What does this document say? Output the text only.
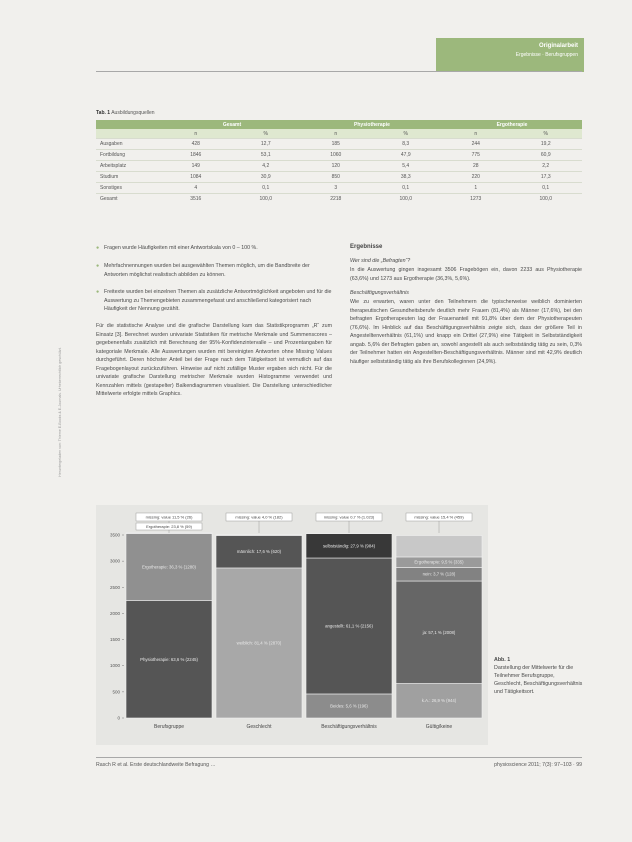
Originalarbeit
Ergebnisse · Berufsgruppen
Heruntergeladen von: Thieme E-Books & E-Journals. Urheberrechtlich geschützt.
Tab. 1 Ausbildungsquellen
	Gesamt		Physiotherapie		Ergotherapie	
	n	%	n	%	n	%
Ausgaben	428	12,7	185	8,3	244	19,2
Fortbildung	1846	53,1	1060	47,9	775	60,9
Arbeitsplatz	149	4,2	120	5,4	28	2,2
Studium	1084	30,9	850	38,3	220	17,3
Sonstiges	4	0,1	3	0,1	1	0,1
Gesamt	3516	100,0	2218	100,0	1273	100,0
● Fragen wurde Häufigkeiten mit einer Antwortskala von 0 – 100 %.
● Mehrfachnennungen wurden bei ausgewählten Themen möglich, um die Bandbreite der Antworten möglichst realistisch abbilden zu können.
● Freitexte wurden bei einzelnen Themen als zusätzliche Antwortmöglichkeit angeboten und für die Auswertung zu Themengebieten zusammengefasst und anschließend kategorisiert nach Häufigkeit der Nennung gezählt.
Für die statistische Analyse und die grafische Darstellung kam das Statistikprogramm „R“ zum Einsatz [3]. Berechnet wurden univariate Statistiken für metrische Merkmale und Summenscores – gegebenenfalls zusätzlich mit Berechnung der 95%-Konfidenzintervalle – und Prozentangaben für kategoriale Merkmale. Alle Auswertungen wurden mit bereinigten Antworten ohne Missing Values durchgeführt. Deren höchster Anteil bei der Frage nach dem Tätigkeitsort ist vermutlich auf das Fragebogenlayout zurückzuführen. Hinweise auf nicht zufällige Muster ergaben sich nicht. Für die univariate grafische Darstellung metrischer Merkmale wurden Histogramme verwendet und Kennzahlen mittels (gestapelter) Balkendiagrammen visualisiert. Die Darstellung unterschiedlicher Mittelwerte erfolgte mittels Graphics.
Ergebnisse
Wer sind die „Befragten“?
In die Auswertung gingen insgesamt 3506 Fragebögen ein, davon 2233 aus Physiotherapie (63,6%) und 1273 aus Ergotherapie (36,3%, 5,6%).
Beschäftigungsverhältnis
Wie zu erwarten, waren unter den Teilnehmern die typischerweise weiblich dominierten therapeutischen Gesundheitsberufe deutlich mehr Frauen (81,4%) als Männer (17,6%), bei den befragten Ergotherapeuten lag der Frauenanteil mit 91,8% über dem der Physiotherapeuten (76,6%). Im Hinblick auf das Beschäftigungsverhältnis zeigte sich, dass der größere Teil in Angestelltenverhältnis (61,1%) und knapp ein Drittel (27,9%) eine Tätigkeit in Selbstständigkeit angab. 5,6% der Befragten gaben an, sowohl angestellt als auch selbstständig tätig zu sein, 0,3% der Teilnehmer hatten ein Angestellten-Beschäftigungsverhältnis. Männer sind mit 42,9% deutlich häufiger selbstständig tätig als ihre Berufskolleginnen (24,9%).
0
500
1000
1500
2000
2500
3000
3500
Physiotherapie: 63,6 % (2245)
Ergotherapie: 36,3 % (1280)
weiblich: 81,4 % (2870)
männlich: 17,6 % (620)
Beides: 5,6 % (196)
angestellt: 61,1 % (2156)
selbstständig: 27,9 % (984)
k.A.: 26,9 % (944)
ja: 57,1 % (2008)
nein: 3,7 % (128)
Ergotherapie: 9,5 % (335)
missing: value 11,5 % (26)	missing: value 4,0 % (182)	missing: value 0,7 % (1.023)	missing: value 15,4 % (459)
Ergotherapie: 23,8 % (59)
Berufsgruppe	Geschlecht	Beschäftigungsverhältnis	Gültig/keine
Abb. 1
Darstellung der Mittelwerte für die Teilnehmer Berufsgruppe, Geschlecht, Beschäftigungsverhältnis und Tätigkeitsort.
Rasch R et al. Erste deutschlandweite Befragung …	physioscience 2011; 7(3): 97–103 · 99
